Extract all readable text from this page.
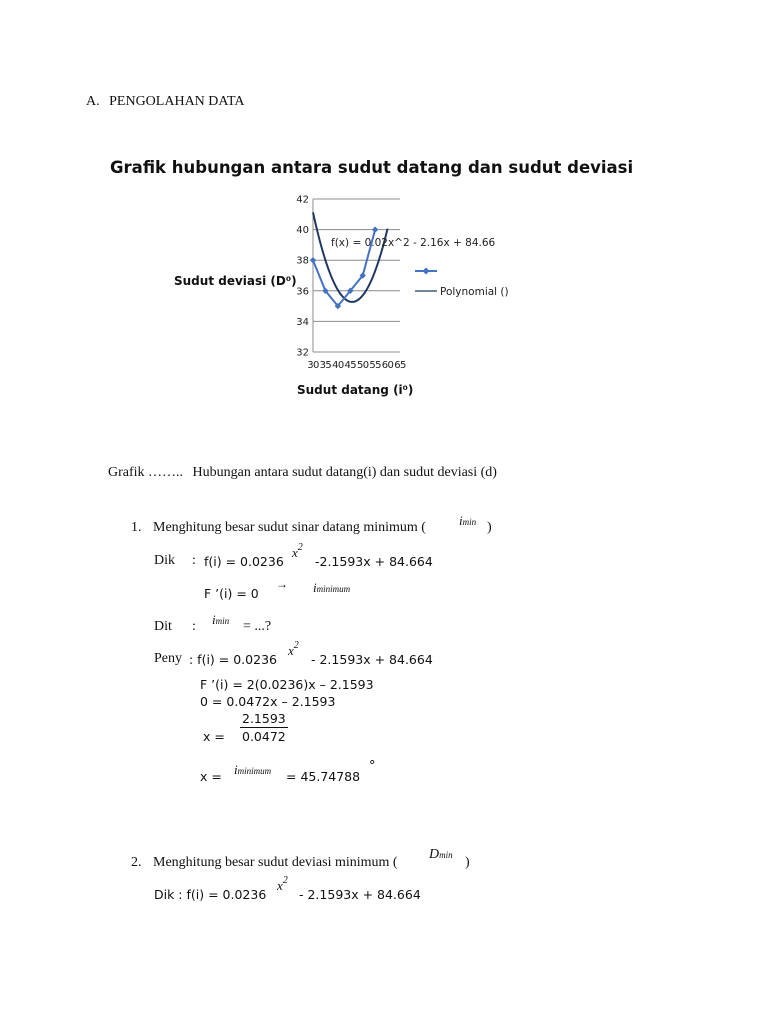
A. PENGOLAHAN DATA
Grafik hubungan antara sudut datang dan sudut deviasi
Sudut deviasi (D⁰)
32
34
36
38
40
42
30 35 40 45 50 55 60 65
f(x) = 0.02x^2 - 2.16x + 84.66
Polynomial ()
Sudut datang (i⁰)
Grafik …….. Hubungan antara sudut datang(i) dan sudut deviasi (d)
1. Menghitung besar sudut sinar datang minimum (	imin )
Dik : f(i) = 0.0236
$x^2$
-2.1593x + 84.664
F ’(i) = 0
→ iminimum
Dit : imin = ...?
Peny : f(i) = 0.0236
$x^2$
- 2.1593x + 84.664
F ’(i) = 2(0.0236)x – 2.1593
0 = 0.0472x – 2.1593
$x = \frac{2.1593}{0.0472}$
x = iminimum = 45.74788
°
2. Menghitung besar sudut deviasi minimum (
Dmin )
Dik : f(i) = 0.0236
$x^2$
- 2.1593x + 84.664
